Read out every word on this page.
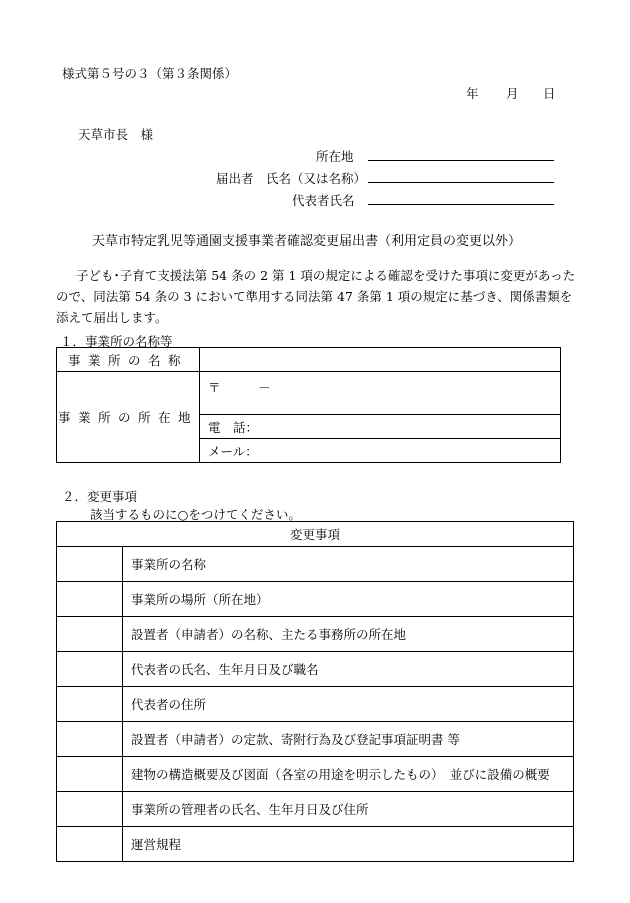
様式第５号の３（第３条関係）
年 月 日
天草市長　様
所在地
届出者 氏名（又は名称）
代表者氏名
天草市特定乳児等通園支援事業者確認変更届出書（利用定員の変更以外）
子ども･子育て支援法第 54 条の 2 第 1 項の規定による確認を受けた事項に変更があった
ので、同法第 54 条の 3 において準用する同法第 47 条第 1 項の規定に基づき、関係書類を
添えて届出します。
１．事業所の名称等
事業所の名称	
事業所の所在地	〒　　　－
	電　話：
	メール：
２．変更事項
該当するものに○をつけてください。
変更事項	
	事業所の名称
	事業所の場所（所在地）
	設置者（申請者）の名称、主たる事務所の所在地
	代表者の氏名、生年月日及び職名
	代表者の住所
	設置者（申請者）の定款、寄附行為及び登記事項証明書 等
	建物の構造概要及び図面（各室の用途を明示したもの）　並びに設備の概要
	事業所の管理者の氏名、生年月日及び住所
	運営規程
